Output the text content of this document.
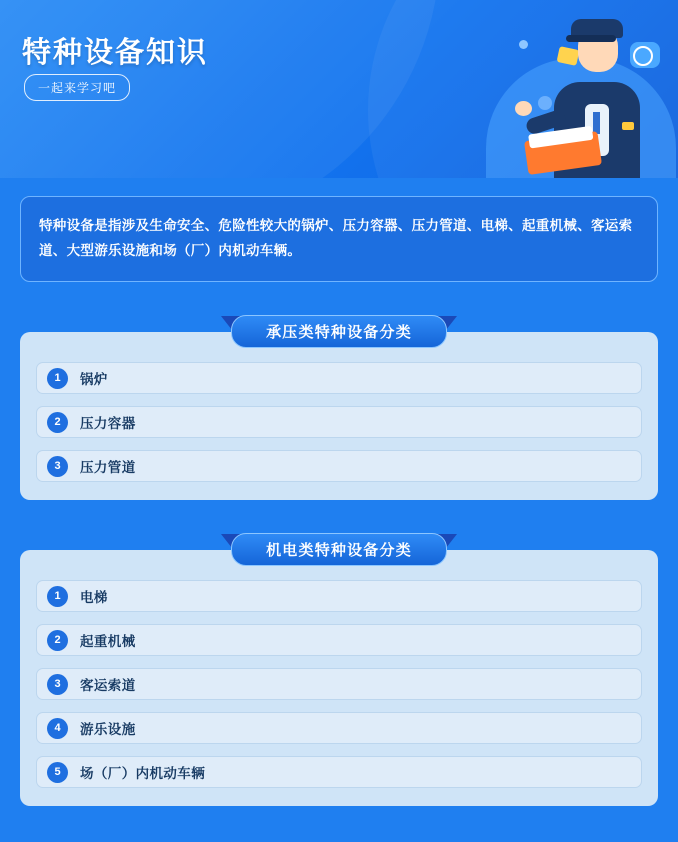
特种设备知识
一起来学习吧
特种设备是指涉及生命安全、危险性较大的锅炉、压力容器、压力管道、电梯、起重机械、客运索道、大型游乐设施和场（厂）内机动车辆。
承压类特种设备分类
1	锅炉
2	压力容器
3	压力管道
机电类特种设备分类
1	电梯
2	起重机械
3	客运索道
4	游乐设施
5	场（厂）内机动车辆
